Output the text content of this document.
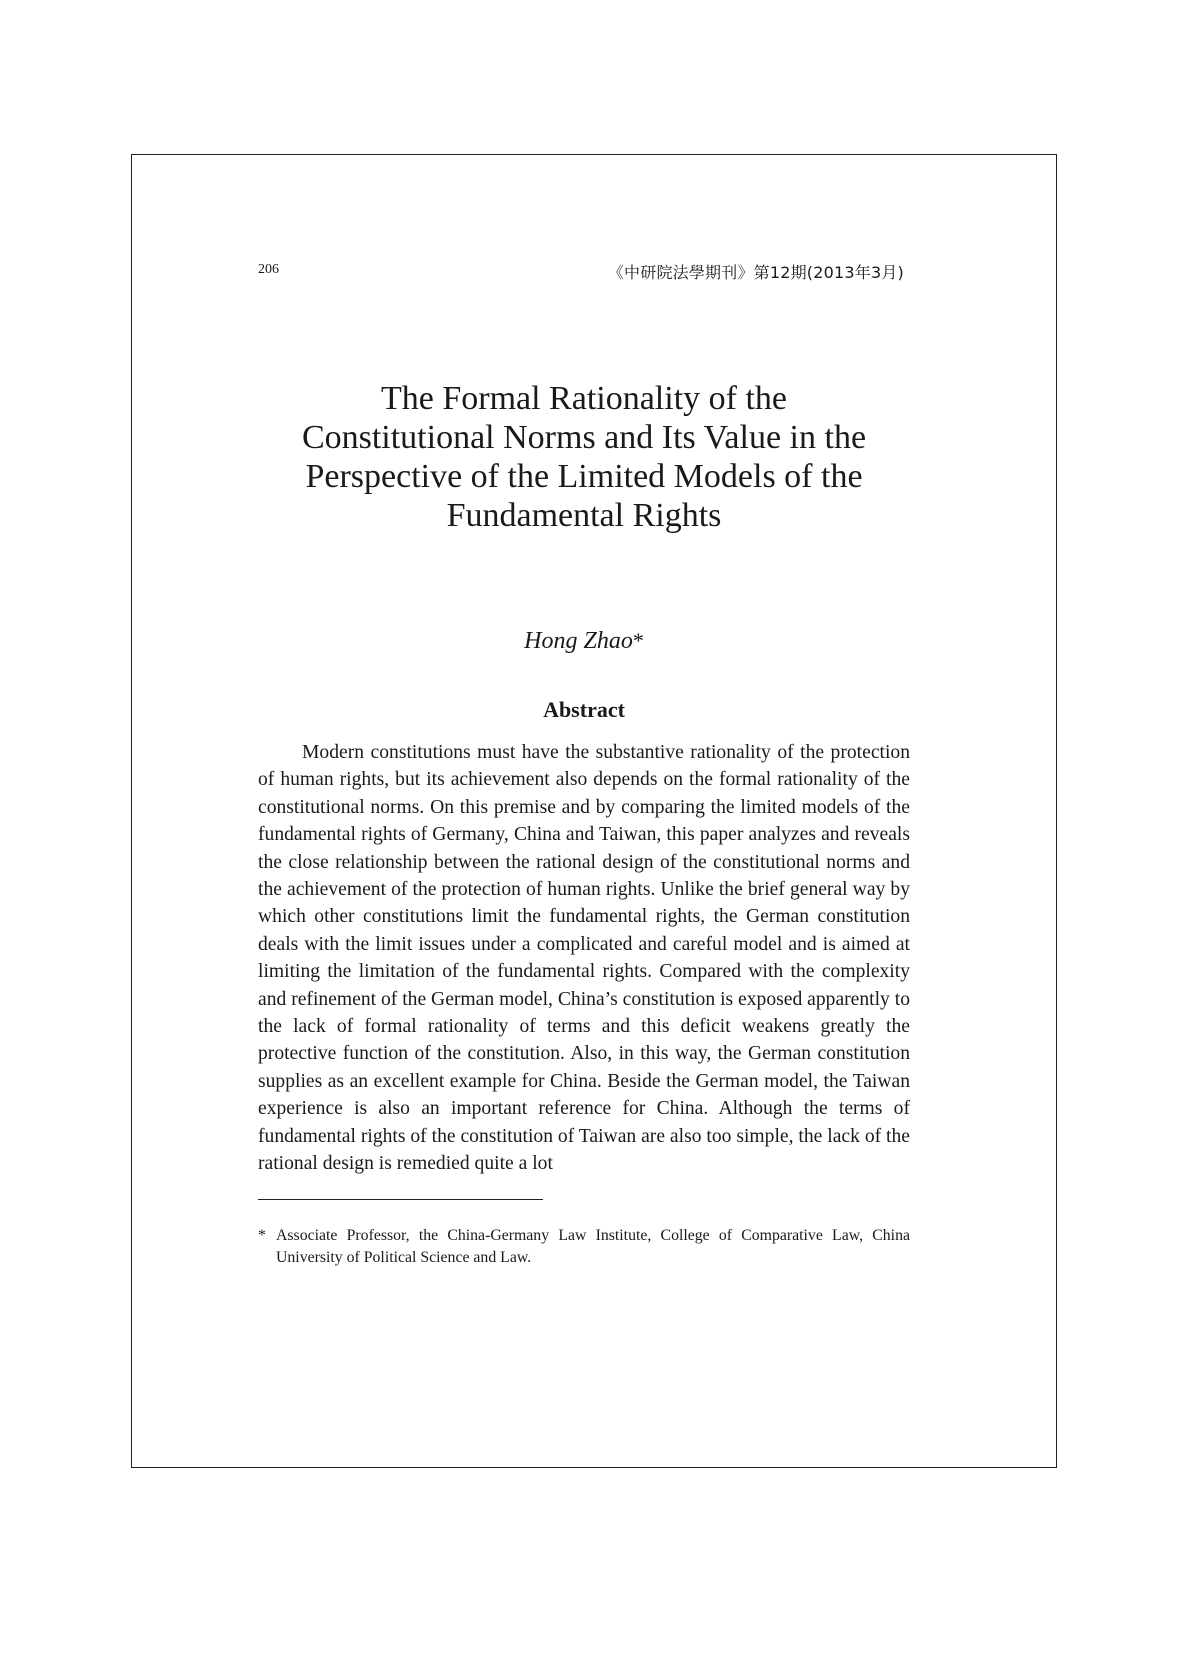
206	《中研院法學期刊》第12期(2013年3月)
The Formal Rationality of the
Constitutional Norms and Its Value in the
Perspective of the Limited Models of the
Fundamental Rights
Hong Zhao*
Abstract

Modern constitutions must have the substantive rationality of the protection of human rights, but its achievement also depends on the formal rationality of the constitutional norms. On this premise and by comparing the limited models of the fundamental rights of Germany, China and Taiwan, this paper analyzes and reveals the close relationship between the rational design of the constitutional norms and the achievement of the protection of human rights. Unlike the brief general way by which other constitutions limit the fundamental rights, the German constitution deals with the limit issues under a complicated and careful model and is aimed at limiting the limitation of the fundamental rights. Compared with the complexity and refinement of the German model, China’s constitution is exposed apparently to the lack of formal rationality of terms and this deficit weakens greatly the protective function of the constitution. Also, in this way, the German constitution supplies as an excellent example for China. Beside the German model, the Taiwan experience is also an important reference for China. Although the terms of fundamental rights of the constitution of Taiwan are also too simple, the lack of the rational design is remedied quite a lot

* Associate Professor, the China-Germany Law Institute, College of Comparative Law, China University of Political Science and Law.
